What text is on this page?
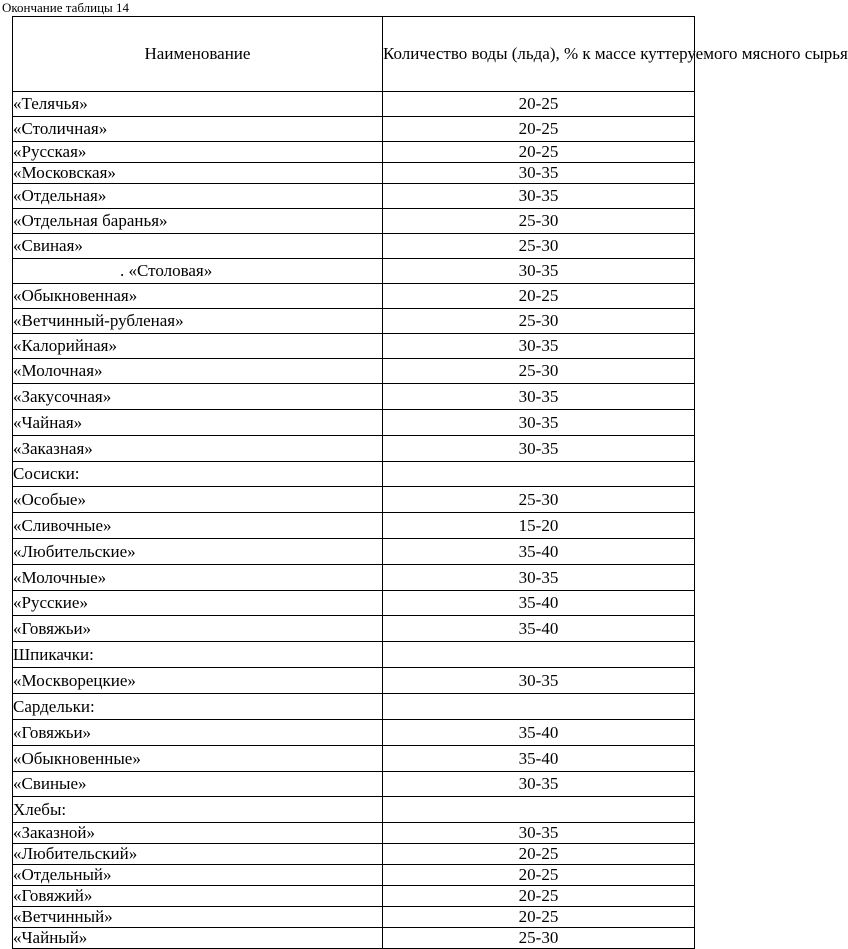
Окончание таблицы 14
Наименование	Количество воды (льда), % к массе куттеруемого мясного сырья
«Телячья»	20-25
«Столичная»	20-25
«Русская»	20-25
«Московская»	30-35
«Отдельная»	30-35
«Отдельная баранья»	25-30
«Свиная»	25-30
. «Столовая»	30-35
«Обыкновенная»	20-25
«Ветчинный-рубленая»	25-30
«Калорийная»	30-35
«Молочная»	25-30
«Закусочная»	30-35
«Чайная»	30-35
«Заказная»	30-35
Сосиски:	
«Особые»	25-30
«Сливочные»	15-20
«Любительские»	35-40
«Молочные»	30-35
«Русские»	35-40
«Говяжьи»	35-40
Шпикачки:	
«Москворецкие»	30-35
Сардельки:	
«Говяжьи»	35-40
«Обыкновенные»	35-40
«Свиные»	30-35
Хлебы:	
«Заказной»	30-35
«Любительский»	20-25
«Отдельный»	20-25
«Говяжий»	20-25
«Ветчинный»	20-25
«Чайный»	25-30
